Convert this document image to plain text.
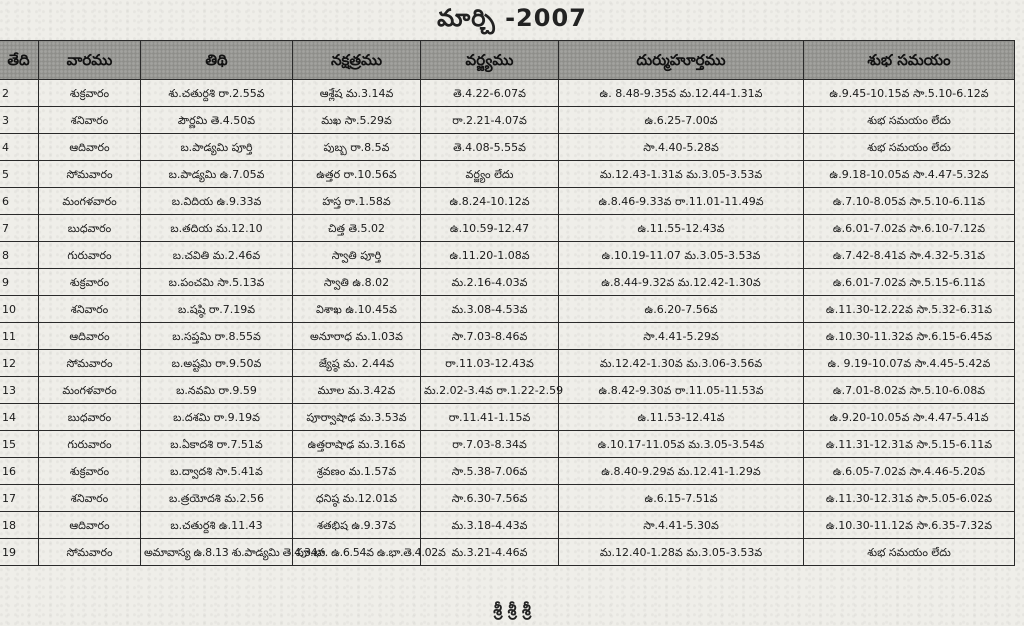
మార్చి -2007
తేది	వారము	తిథి	నక్షత్రము	వర్జ్యము	దుర్ముహూర్తము	శుభ సమయం
2	శుక్రవారం	శు.చతుర్దశి రా.2.55వ	ఆశ్లేష మ.3.14వ	తె.4.22-6.07వ	ఉ. 8.48-9.35వ మ.12.44-1.31వ	ఉ.9.45-10.15వ సా.5.10-6.12వ
3	శనివారం	పౌర్ణమి తె.4.50వ	మఖ సా.5.29వ	రా.2.21-4.07వ	ఉ.6.25-7.00వ	శుభ సమయం లేదు
4	ఆదివారం	బ.పాడ్యమి పూర్తి	పుబ్బ రా.8.5వ	తె.4.08-5.55వ	సా.4.40-5.28వ	శుభ సమయం లేదు
5	సోమవారం	బ.పాడ్యమి ఉ.7.05వ	ఉత్తర రా.10.56వ	వర్జ్యం లేదు	మ.12.43-1.31వ మ.3.05-3.53వ	ఉ.9.18-10.05వ సా.4.47-5.32వ
6	మంగళవారం	బ.విదియ ఉ.9.33వ	హస్త రా.1.58వ	ఉ.8.24-10.12వ	ఉ.8.46-9.33వ రా.11.01-11.49వ	ఉ.7.10-8.05వ సా.5.10-6.11వ
7	బుధవారం	బ.తదియ మ.12.10	చిత్త తె.5.02	ఉ.10.59-12.47	ఉ.11.55-12.43వ	ఉ.6.01-7.02వ సా.6.10-7.12వ
8	గురువారం	బ.చవితి మ.2.46వ	స్వాతి పూర్తి	ఉ.11.20-1.08వ	ఉ.10.19-11.07 మ.3.05-3.53వ	ఉ.7.42-8.41వ సా.4.32-5.31వ
9	శుక్రవారం	బ.పంచమి సా.5.13వ	స్వాతి ఉ.8.02	మ.2.16-4.03వ	ఉ.8.44-9.32వ మ.12.42-1.30వ	ఉ.6.01-7.02వ సా.5.15-6.11వ
10	శనివారం	బ.షష్ఠి రా.7.19వ	విశాఖ ఉ.10.45వ	మ.3.08-4.53వ	ఉ.6.20-7.56వ	ఉ.11.30-12.22వ సా.5.32-6.31వ
11	ఆదివారం	బ.సప్తమి రా.8.55వ	అనూరాధ మ.1.03వ	సా.7.03-8.46వ	సా.4.41-5.29వ	ఉ.10.30-11.32వ సా.6.15-6.45వ
12	సోమవారం	బ.అష్టమి రా.9.50వ	జ్యేష్ఠ మ. 2.44వ	రా.11.03-12.43వ	మ.12.42-1.30వ మ.3.06-3.56వ	ఉ. 9.19-10.07వ సా.4.45-5.42వ
13	మంగళవారం	బ.నవమి రా.9.59	మూల మ.3.42వ	మ.2.02-3.4వ రా.1.22-2.59	ఉ.8.42-9.30వ రా.11.05-11.53వ	ఉ.7.01-8.02వ సా.5.10-6.08వ
14	బుధవారం	బ.దశమి రా.9.19వ	పూర్వాషాఢ మ.3.53వ	రా.11.41-1.15వ	ఉ.11.53-12.41వ	ఉ.9.20-10.05వ సా.4.47-5.41వ
15	గురువారం	బ.ఏకాదశి రా.7.51వ	ఉత్తరాషాఢ మ.3.16వ	రా.7.03-8.34వ	ఉ.10.17-11.05వ మ.3.05-3.54వ	ఉ.11.31-12.31వ సా.5.15-6.11వ
16	శుక్రవారం	బ.ద్వాదశి సా.5.41వ	శ్రవణం మ.1.57వ	సా.5.38-7.06వ	ఉ.8.40-9.29వ మ.12.41-1.29వ	ఉ.6.05-7.02వ సా.4.46-5.20వ
17	శనివారం	బ.త్రయోదశి మ.2.56	ధనిష్ఠ మ.12.01వ	సా.6.30-7.56వ	ఉ.6.15-7.51వ	ఉ.11.30-12.31వ సా.5.05-6.02వ
18	ఆదివారం	బ.చతుర్దశి ఉ.11.43	శతభిష ఉ.9.37వ	మ.3.18-4.43వ	సా.4.41-5.30వ	ఉ.10.30-11.12వ సా.6.35-7.32వ
19	సోమవారం	అమావాస్య ఉ.8.13 శు.పాడ్యమి తె.4.34వ	పూ.భా. ఉ.6.54వ ఉ.భా.తె.4.02వ	మ.3.21-4.46వ	మ.12.40-1.28వ మ.3.05-3.53వ	శుభ సమయం లేదు
శ్రీ శ్రీ శ్రీ
